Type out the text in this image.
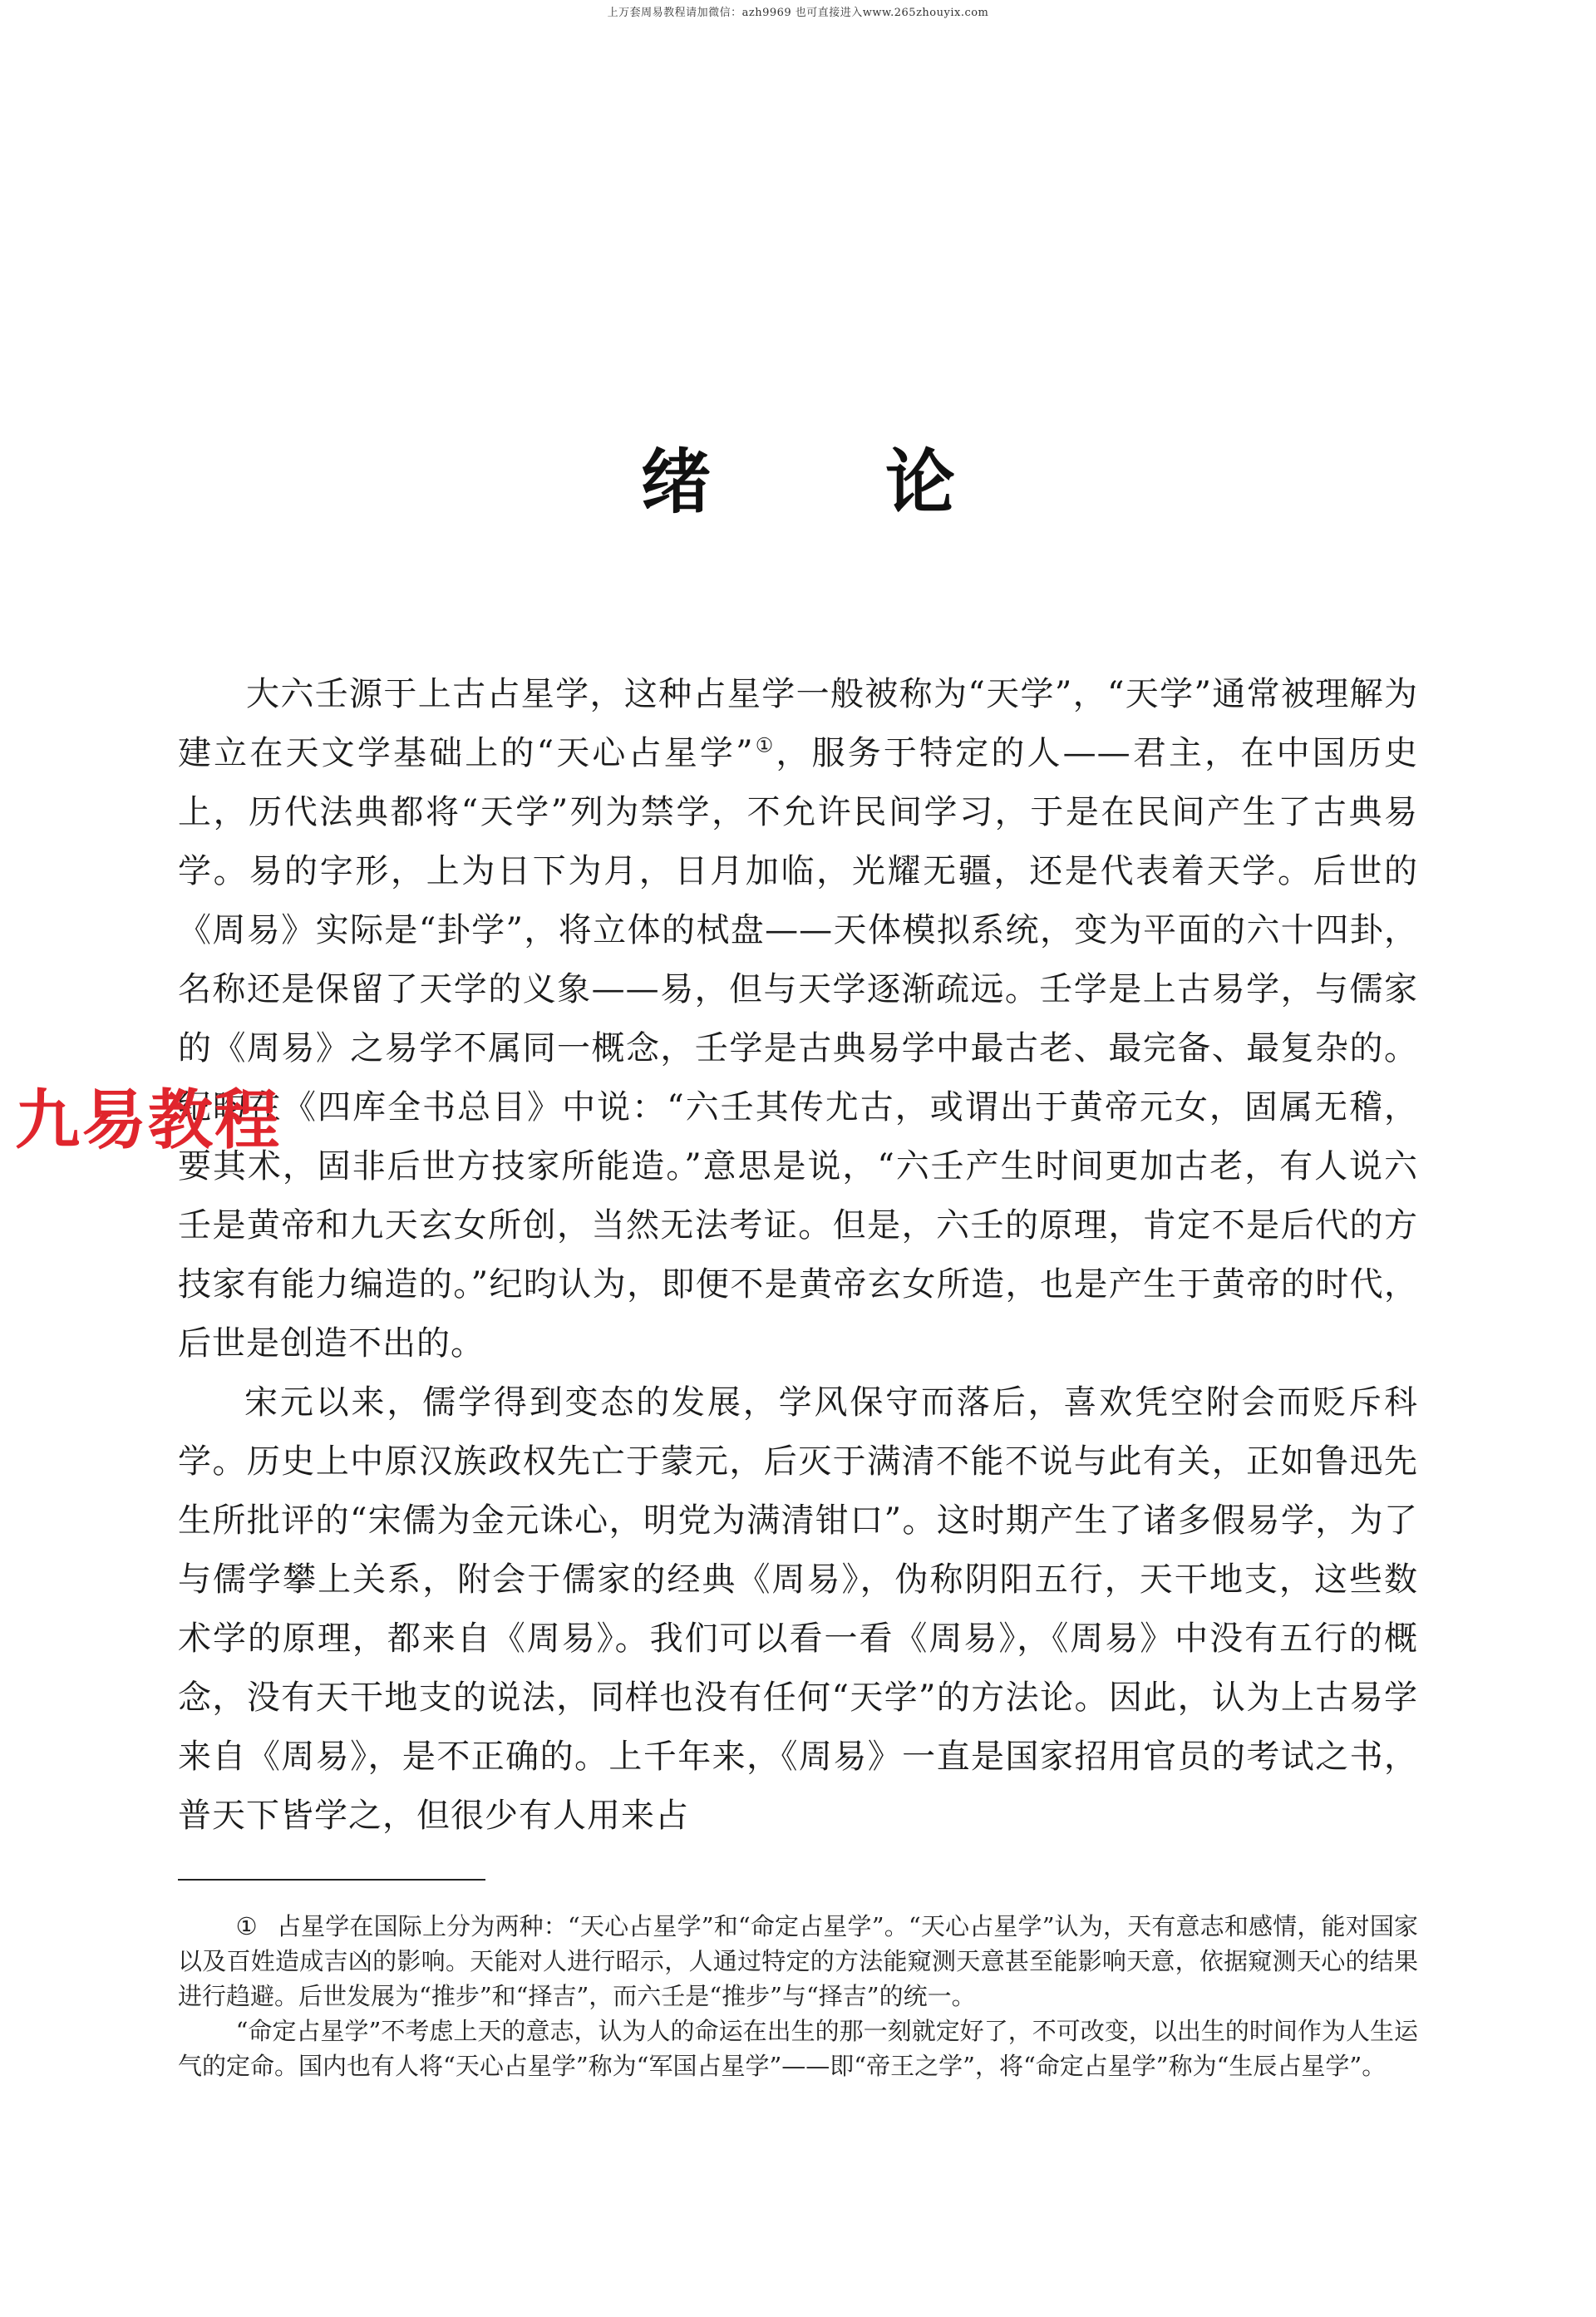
上万套周易教程请加微信：azh9969 也可直接进入www.265zhouyix.com
绪论

大六壬源于上古占星学，这种占星学一般被称为“天学”，“天学”通常被理解为建立在天文学基础上的“天心占星学”①，服务于特定的人——君主，在中国历史上，历代法典都将“天学”列为禁学，不允许民间学习，于是在民间产生了古典易学。易的字形，上为日下为月，日月加临，光耀无疆，还是代表着天学。后世的《周易》实际是“卦学”，将立体的栻盘——天体模拟系统，变为平面的六十四卦，名称还是保留了天学的义象——易，但与天学逐渐疏远。壬学是上古易学，与儒家的《周易》之易学不属同一概念，壬学是古典易学中最古老、最完备、最复杂的。纪昀在《四库全书总目》中说：“六壬其传尤古，或谓出于黄帝元女，固属无稽，要其术，固非后世方技家所能造。”意思是说，“六壬产生时间更加古老，有人说六壬是黄帝和九天玄女所创，当然无法考证。但是，六壬的原理，肯定不是后代的方技家有能力编造的。”纪昀认为，即便不是黄帝玄女所造，也是产生于黄帝的时代，后世是创造不出的。

宋元以来，儒学得到变态的发展，学风保守而落后，喜欢凭空附会而贬斥科学。历史上中原汉族政权先亡于蒙元，后灭于满清不能不说与此有关，正如鲁迅先生所批评的“宋儒为金元诛心，明党为满清钳口”。这时期产生了诸多假易学，为了与儒学攀上关系，附会于儒家的经典《周易》，伪称阴阳五行，天干地支，这些数术学的原理，都来自《周易》。我们可以看一看《周易》，《周易》中没有五行的概念，没有天干地支的说法，同样也没有任何“天学”的方法论。因此，认为上古易学来自《周易》，是不正确的。上千年来，《周易》一直是国家招用官员的考试之书，普天下皆学之，但很少有人用来占

九易教程

① 占星学在国际上分为两种：“天心占星学”和“命定占星学”。“天心占星学”认为，天有意志和感情，能对国家以及百姓造成吉凶的影响。天能对人进行昭示，人通过特定的方法能窥测天意甚至能影响天意，依据窥测天心的结果进行趋避。后世发展为“推步”和“择吉”，而六壬是“推步”与“择吉”的统一。

“命定占星学”不考虑上天的意志，认为人的命运在出生的那一刻就定好了，不可改变，以出生的时间作为人生运气的定命。国内也有人将“天心占星学”称为“军国占星学”——即“帝王之学”，将“命定占星学”称为“生辰占星学”。
